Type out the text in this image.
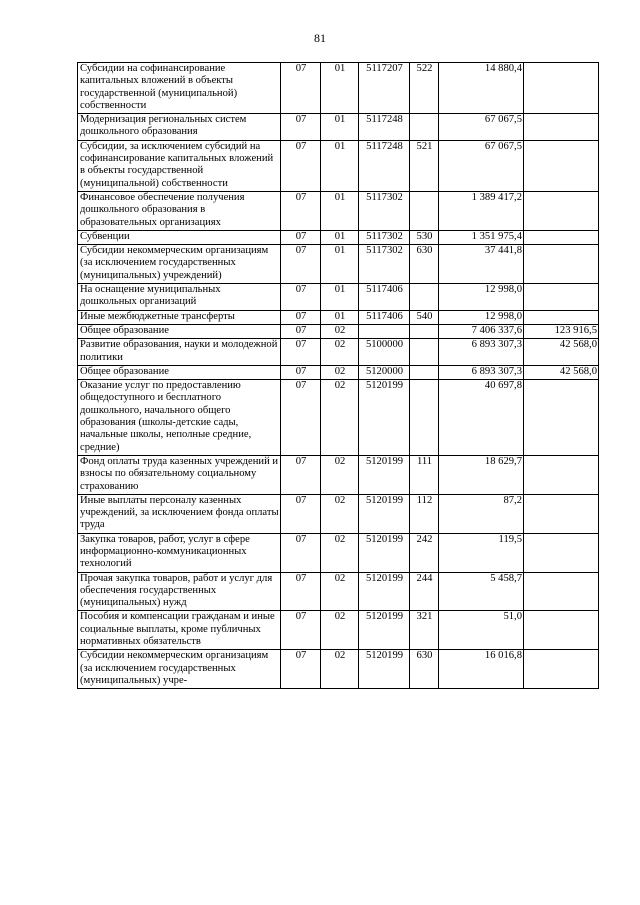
81
Субсидии на софинансирование капитальных вложений в объекты государственной (муниципальной) собственности	07	01	5117207	522	14 880,4	
Модернизация региональных систем дошкольного образования	07	01	5117248		67 067,5	
Субсидии, за исключением субсидий на софинансирование капитальных вложений в объекты государственной (муниципальной) собственности	07	01	5117248	521	67 067,5	
Финансовое обеспечение получения дошкольного образования в образовательных организациях	07	01	5117302		1 389 417,2	
Субвенции	07	01	5117302	530	1 351 975,4	
Субсидии некоммерческим организациям (за исключением государственных (муниципальных) учреждений)	07	01	5117302	630	37 441,8	
На оснащение муниципальных дошкольных организаций	07	01	5117406		12 998,0	
Иные межбюджетные трансферты	07	01	5117406	540	12 998,0	
Общее образование	07	02			7 406 337,6	123 916,5
Развитие образования, науки и молодежной политики	07	02	5100000		6 893 307,3	42 568,0
Общее образование	07	02	5120000		6 893 307,3	42 568,0
Оказание услуг по предоставлению общедоступного и бесплатного дошкольного, начального общего образования (школы-детские сады, начальные школы, неполные средние, средние)	07	02	5120199		40 697,8	
Фонд оплаты труда казенных учреждений и взносы по обязательному социальному страхованию	07	02	5120199	111	18 629,7	
Иные выплаты персоналу казенных учреждений, за исключением фонда оплаты труда	07	02	5120199	112	87,2	
Закупка товаров, работ, услуг в сфере информационно-коммуникационных технологий	07	02	5120199	242	119,5	
Прочая закупка товаров, работ и услуг для обеспечения государственных (муниципальных) нужд	07	02	5120199	244	5 458,7	
Пособия и компенсации гражданам и иные социальные выплаты, кроме публичных нормативных обязательств	07	02	5120199	321	51,0	
Субсидии некоммерческим организациям (за исключением государственных (муниципальных) учре-	07	02	5120199	630	16 016,8	
